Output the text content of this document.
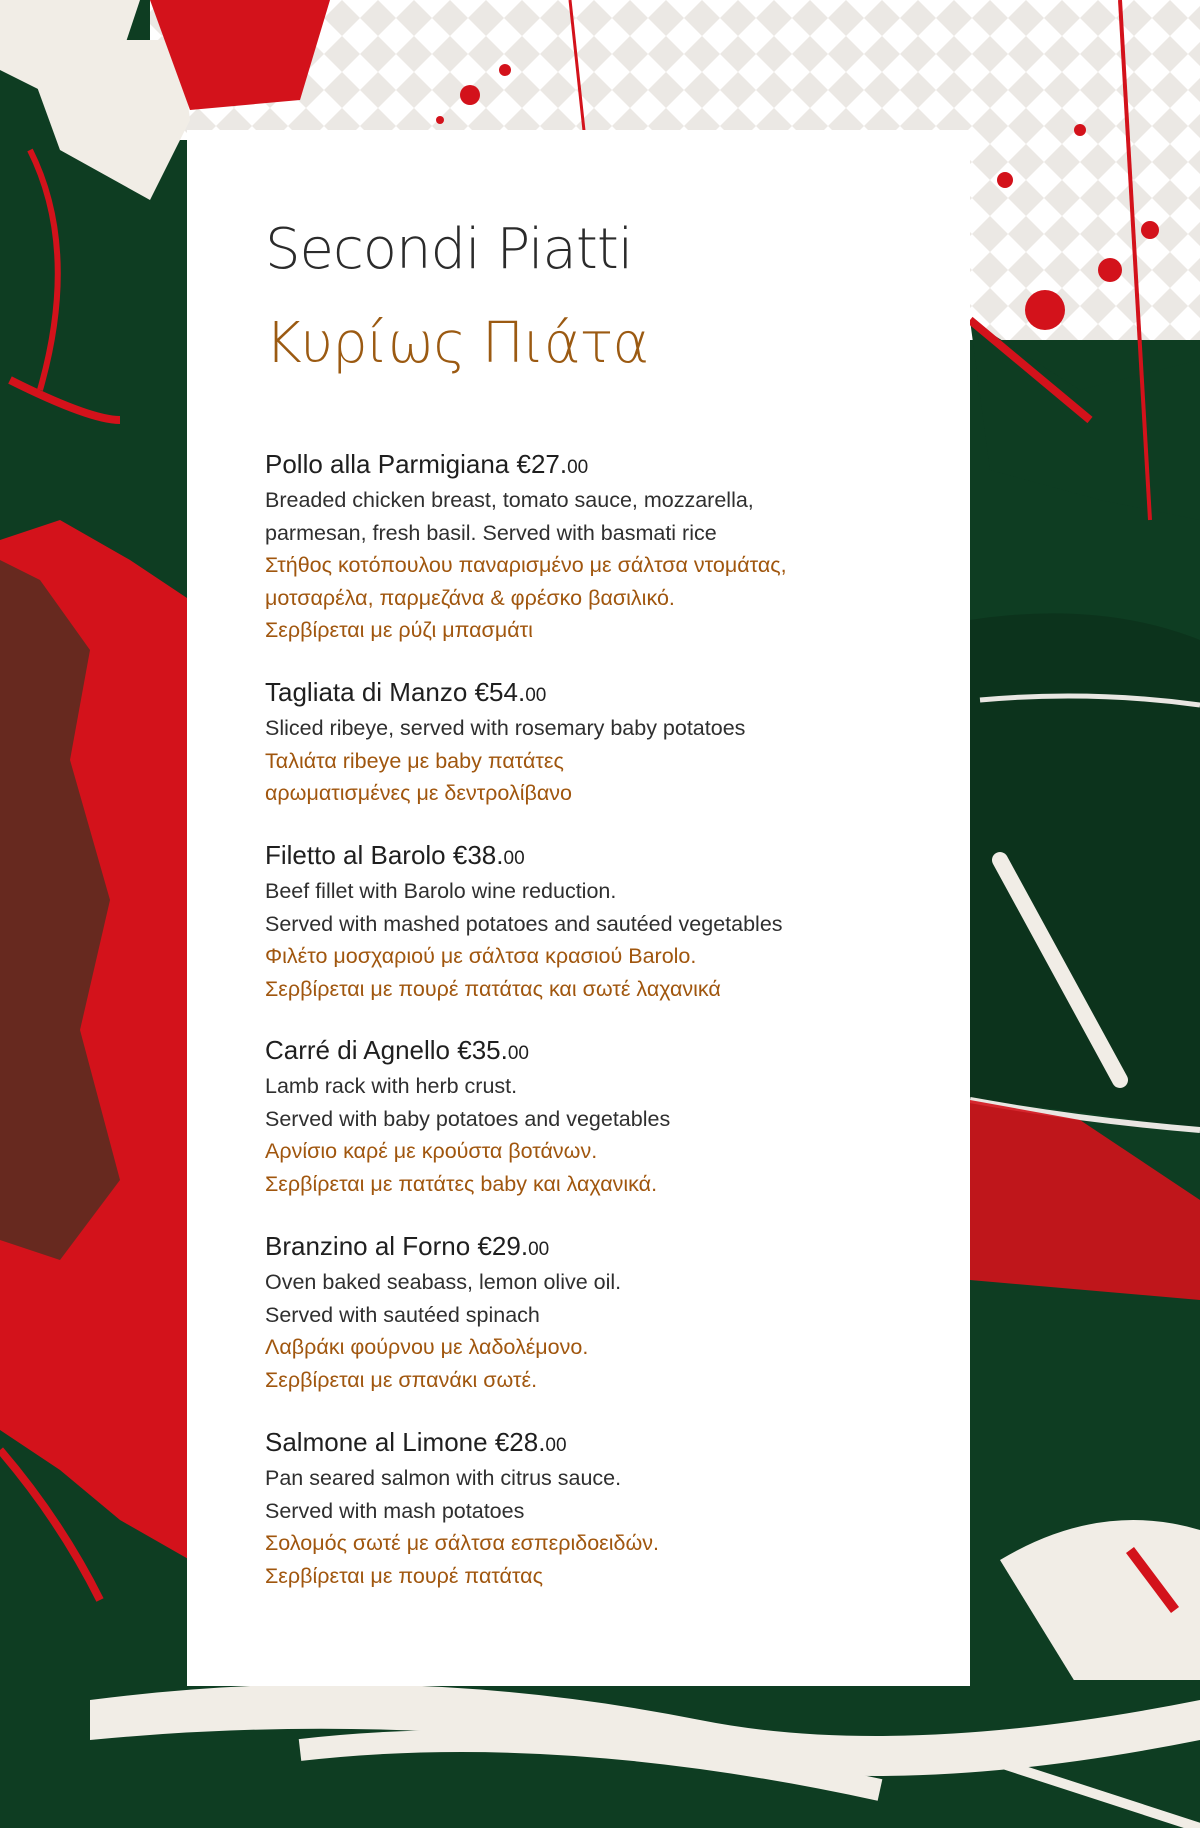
Secondi Piatti
Κυρίως Πιάτα
Pollo alla Parmigiana €27.00
Breaded chicken breast, tomato sauce, mozzarella,
parmesan, fresh basil. Served with basmati rice
Στήθος κοτόπουλου παναρισμένο με σάλτσα ντομάτας,
μοτσαρέλα, παρμεζάνα & φρέσκο βασιλικό.
Σερβίρεται με ρύζι μπασμάτι
Tagliata di Manzo €54.00
Sliced ribeye, served with rosemary baby potatoes
Ταλιάτα ribeye με baby πατάτες
αρωματισμένες με δεντρολίβανο
Filetto al Barolo €38.00
Beef fillet with Barolo wine reduction.
Served with mashed potatoes and sautéed vegetables
Φιλέτο μοσχαριού με σάλτσα κρασιού Barolo.
Σερβίρεται με πουρέ πατάτας και σωτέ λαχανικά
Carré di Agnello €35.00
Lamb rack with herb crust.
Served with baby potatoes and vegetables
Αρνίσιο καρέ με κρούστα βοτάνων.
Σερβίρεται με πατάτες baby και λαχανικά.
Branzino al Forno €29.00
Oven baked seabass, lemon olive oil.
Served with sautéed spinach
Λαβράκι φούρνου με λαδολέμονο.
Σερβίρεται με σπανάκι σωτέ.
Salmone al Limone €28.00
Pan seared salmon with citrus sauce.
Served with mash potatoes
Σολομός σωτέ με σάλτσα εσπεριδοειδών.
Σερβίρεται με πουρέ πατάτας
